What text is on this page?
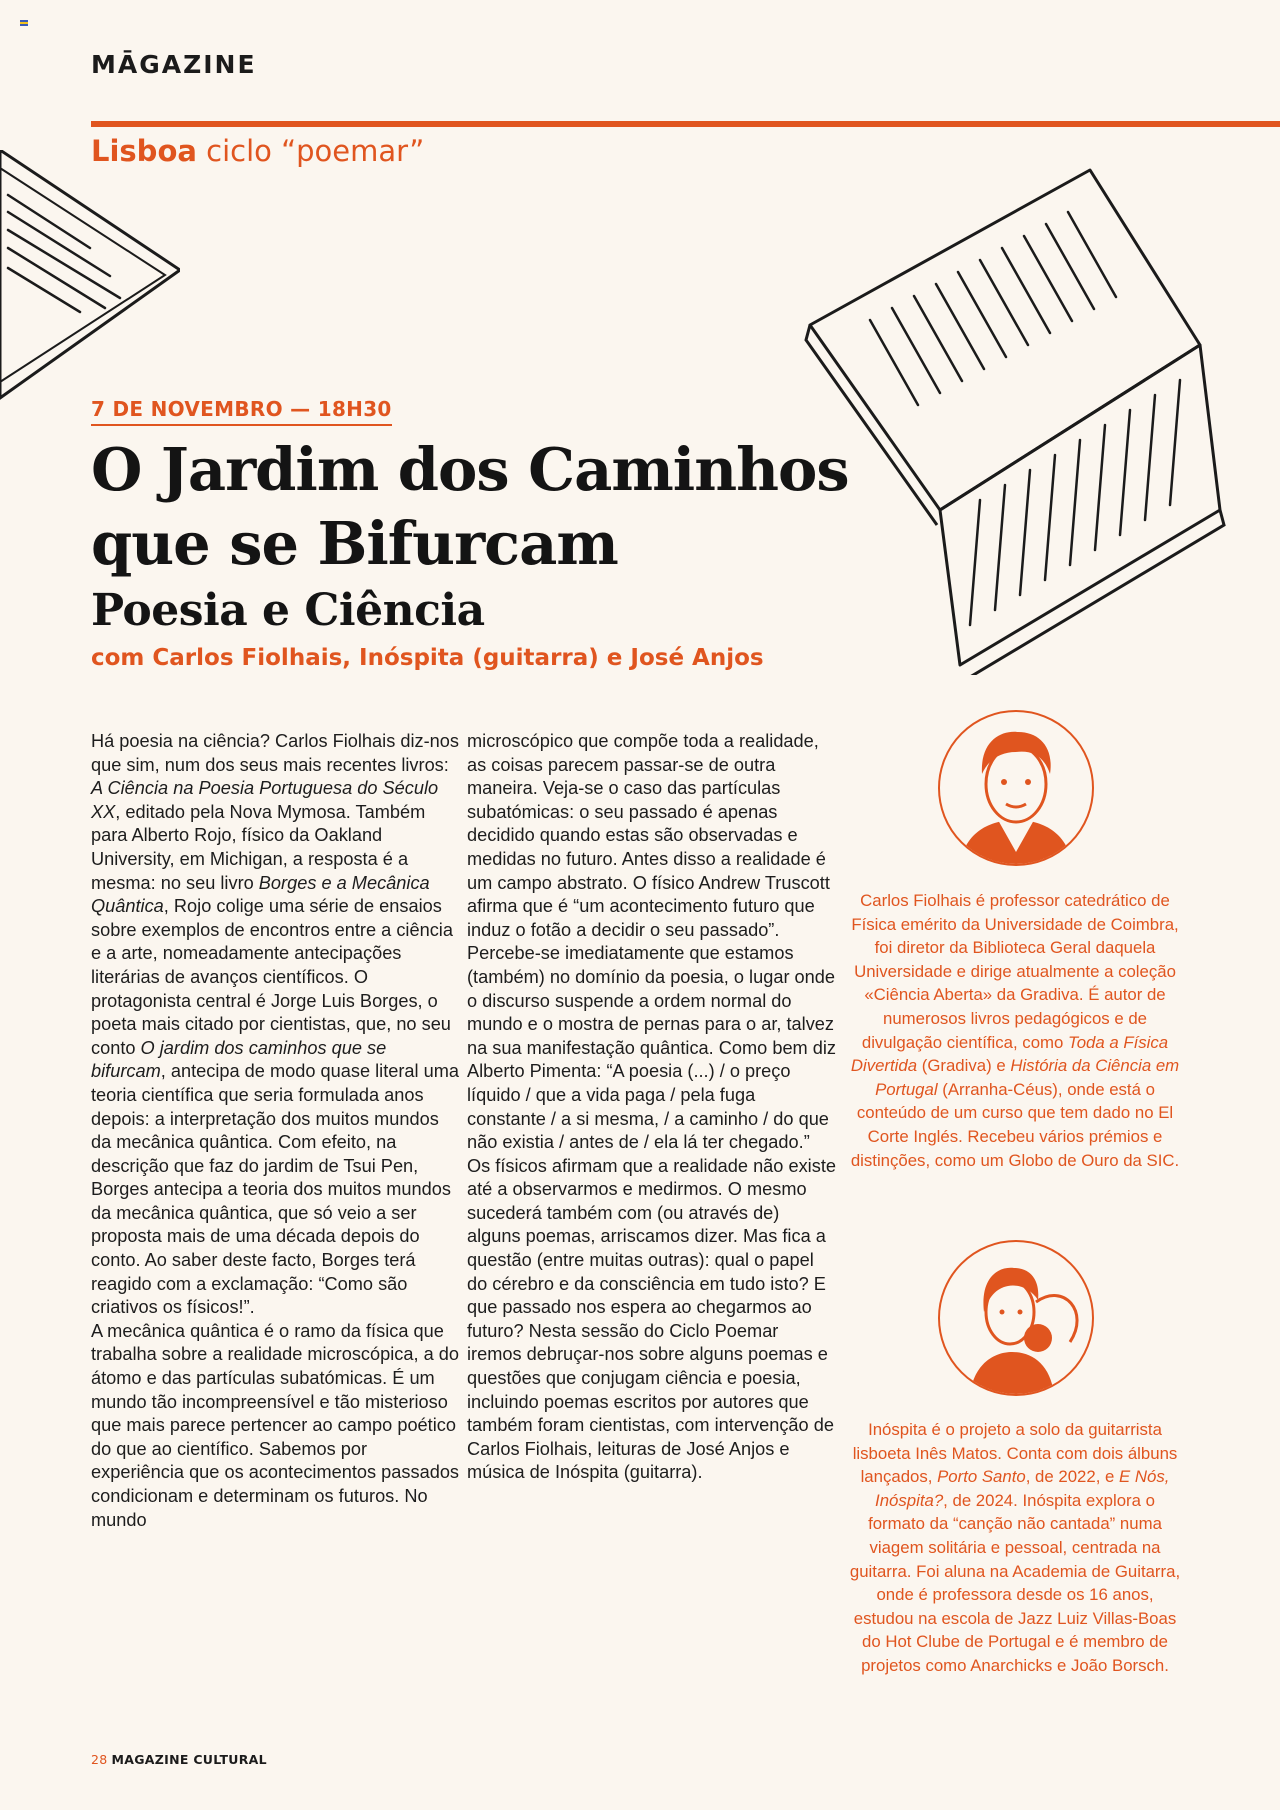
MĀGAZINE
Lisboa ciclo “poemar”
7 DE NOVEMBRO — 18H30
O Jardim dos Caminhos
que se Bifurcam
Poesia e Ciência
com Carlos Fiolhais, Inóspita (guitarra) e José Anjos

Há poesia na ciência? Carlos Fiolhais diz-nos que sim, num dos seus mais recentes livros: A Ciência na Poesia Portuguesa do Século XX, editado pela Nova Mymosa. Também para Alberto Rojo, físico da Oakland University, em Michigan, a resposta é a mesma: no seu livro Borges e a Mecânica Quântica, Rojo colige uma série de ensaios sobre exemplos de encontros entre a ciência e a arte, nomeadamente antecipações literárias de avanços científicos. O protagonista central é Jorge Luis Borges, o poeta mais citado por cientistas, que, no seu conto O jardim dos caminhos que se bifurcam, antecipa de modo quase literal uma teoria científica que seria formulada anos depois: a interpretação dos muitos mundos da mecânica quântica. Com efeito, na descrição que faz do jardim de Tsui Pen, Borges antecipa a teoria dos muitos mundos da mecânica quântica, que só veio a ser proposta mais de uma década depois do conto. Ao saber deste facto, Borges terá reagido com a exclamação: “Como são criativos os físicos!”.

A mecânica quântica é o ramo da física que trabalha sobre a realidade microscópica, a do átomo e das partículas subatómicas. É um mundo tão incompreensível e tão misterioso que mais parece pertencer ao campo poético do que ao científico. Sabemos por experiência que os acontecimentos passados condicionam e determinam os futuros. No mundo

microscópico que compõe toda a realidade, as coisas parecem passar-se de outra maneira. Veja-se o caso das partículas subatómicas: o seu passado é apenas decidido quando estas são observadas e medidas no futuro. Antes disso a realidade é um campo abstrato. O físico Andrew Truscott afirma que é “um acontecimento futuro que induz o fotão a decidir o seu passado”. Percebe-se imediatamente que estamos (também) no domínio da poesia, o lugar onde o discurso suspende a ordem normal do mundo e o mostra de pernas para o ar, talvez na sua manifestação quântica. Como bem diz Alberto Pimenta: “A poesia (...) / o preço líquido / que a vida paga / pela fuga constante / a si mesma, / a caminho / do que não existia / antes de / ela lá ter chegado.” Os físicos afirmam que a realidade não existe até a observarmos e medirmos. O mesmo sucederá também com (ou através de) alguns poemas, arriscamos dizer. Mas fica a questão (entre muitas outras): qual o papel do cérebro e da consciência em tudo isto? E que passado nos espera ao chegarmos ao futuro? Nesta sessão do Ciclo Poemar iremos debruçar-nos sobre alguns poemas e questões que conjugam ciência e poesia, incluindo poemas escritos por autores que também foram cientistas, com intervenção de Carlos Fiolhais, leituras de José Anjos e música de Inóspita (guitarra).

Carlos Fiolhais é professor catedrático de Física emérito da Universidade de Coimbra, foi diretor da Biblioteca Geral daquela Universidade e dirige atualmente a coleção «Ciência Aberta» da Gradiva. É autor de numerosos livros pedagógicos e de divulgação científica, como Toda a Física Divertida (Gradiva) e História da Ciência em Portugal (Arranha-Céus), onde está o conteúdo de um curso que tem dado no El Corte Inglés. Recebeu vários prémios e distinções, como um Globo de Ouro da SIC.
Inóspita é o projeto a solo da guitarrista lisboeta Inês Matos. Conta com dois álbuns lançados, Porto Santo, de 2022, e E Nós, Inóspita?, de 2024. Inóspita explora o formato da “canção não cantada” numa viagem solitária e pessoal, centrada na guitarra. Foi aluna na Academia de Guitarra, onde é professora desde os 16 anos, estudou na escola de Jazz Luiz Villas-Boas do Hot Clube de Portugal e é membro de projetos como Anarchicks e João Borsch.
28 MAGAZINE CULTURAL
